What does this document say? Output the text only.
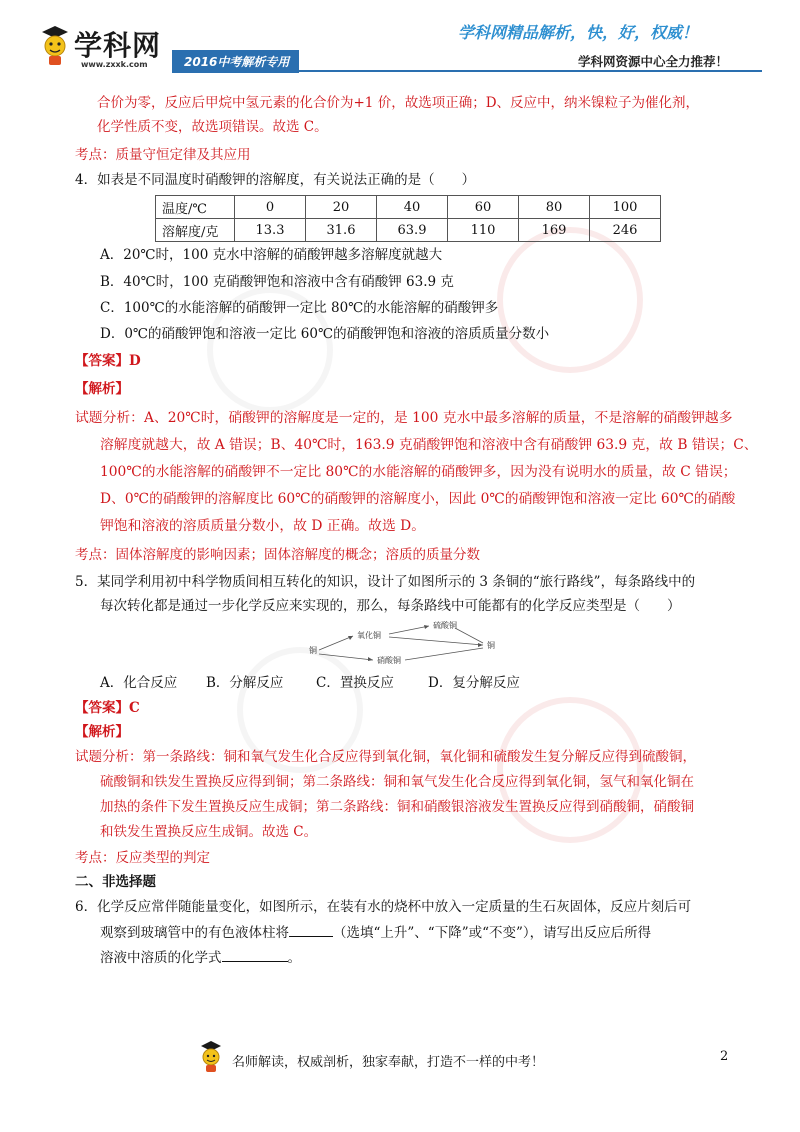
学科网
www.zxxk.com	2016中考解析专用
学科网精品解析，快，好，权威！
学科网资源中心全力推荐！
合价为零，反应后甲烷中氢元素的化合价为+1 价，故选项正确；D、反应中，纳米镍粒子为催化剂，
化学性质不变，故选项错误。故选 C。
考点：质量守恒定律及其应用
4．如表是不同温度时硝酸钾的溶解度，有关说法正确的是（　　）
温度/℃	0	20	40	60	80	100
溶解度/克	13.3	31.6	63.9	110	169	246
A．20℃时，100 克水中溶解的硝酸钾越多溶解度就越大
B．40℃时，100 克硝酸钾饱和溶液中含有硝酸钾 63.9 克
C．100℃的水能溶解的硝酸钾一定比 80℃的水能溶解的硝酸钾多
D．0℃的硝酸钾饱和溶液一定比 60℃的硝酸钾饱和溶液的溶质质量分数小
【答案】D
【解析】
试题分析：A、20℃时，硝酸钾的溶解度是一定的，是 100 克水中最多溶解的质量，不是溶解的硝酸钾越多
溶解度就越大，故 A 错误；B、40℃时，163.9 克硝酸钾饱和溶液中含有硝酸钾 63.9 克，故 B 错误；C、
100℃的水能溶解的硝酸钾不一定比 80℃的水能溶解的硝酸钾多，因为没有说明水的质量，故 C 错误；
D、0℃的硝酸钾的溶解度比 60℃的硝酸钾的溶解度小，因此 0℃的硝酸钾饱和溶液一定比 60℃的硝酸
钾饱和溶液的溶质质量分数小，故 D 正确。故选 D。
考点：固体溶解度的影响因素；固体溶解度的概念；溶质的质量分数
5．某同学利用初中科学物质间相互转化的知识，设计了如图所示的 3 条铜的“旅行路线”，每条路线中的
每次转化都是通过一步化学反应来实现的，那么，每条路线中可能都有的化学反应类型是（　　）
铜
氧化铜
硫酸铜
硝酸铜
铜
A．化合反应 B．分解反应 C．置换反应	D．复分解反应
【答案】C
【解析】
试题分析：第一条路线：铜和氧气发生化合反应得到氧化铜，氧化铜和硫酸发生复分解反应得到硫酸铜，
硫酸铜和铁发生置换反应得到铜；第二条路线：铜和氧气发生化合反应得到氧化铜，氢气和氧化铜在
加热的条件下发生置换反应生成铜；第二条路线：铜和硝酸银溶液发生置换反应得到硝酸铜，硝酸铜
和铁发生置换反应生成铜。故选 C。
考点：反应类型的判定
二、非选择题
6．化学反应常伴随能量变化，如图所示，在装有水的烧杯中放入一定质量的生石灰固体，反应片刻后可
观察到玻璃管中的有色液体柱将	（选填“上升”、“下降”或“不变”），请写出反应后所得
溶液中溶质的化学式	。
名师解读，权威剖析，独家奉献，打造不一样的中考！	2
